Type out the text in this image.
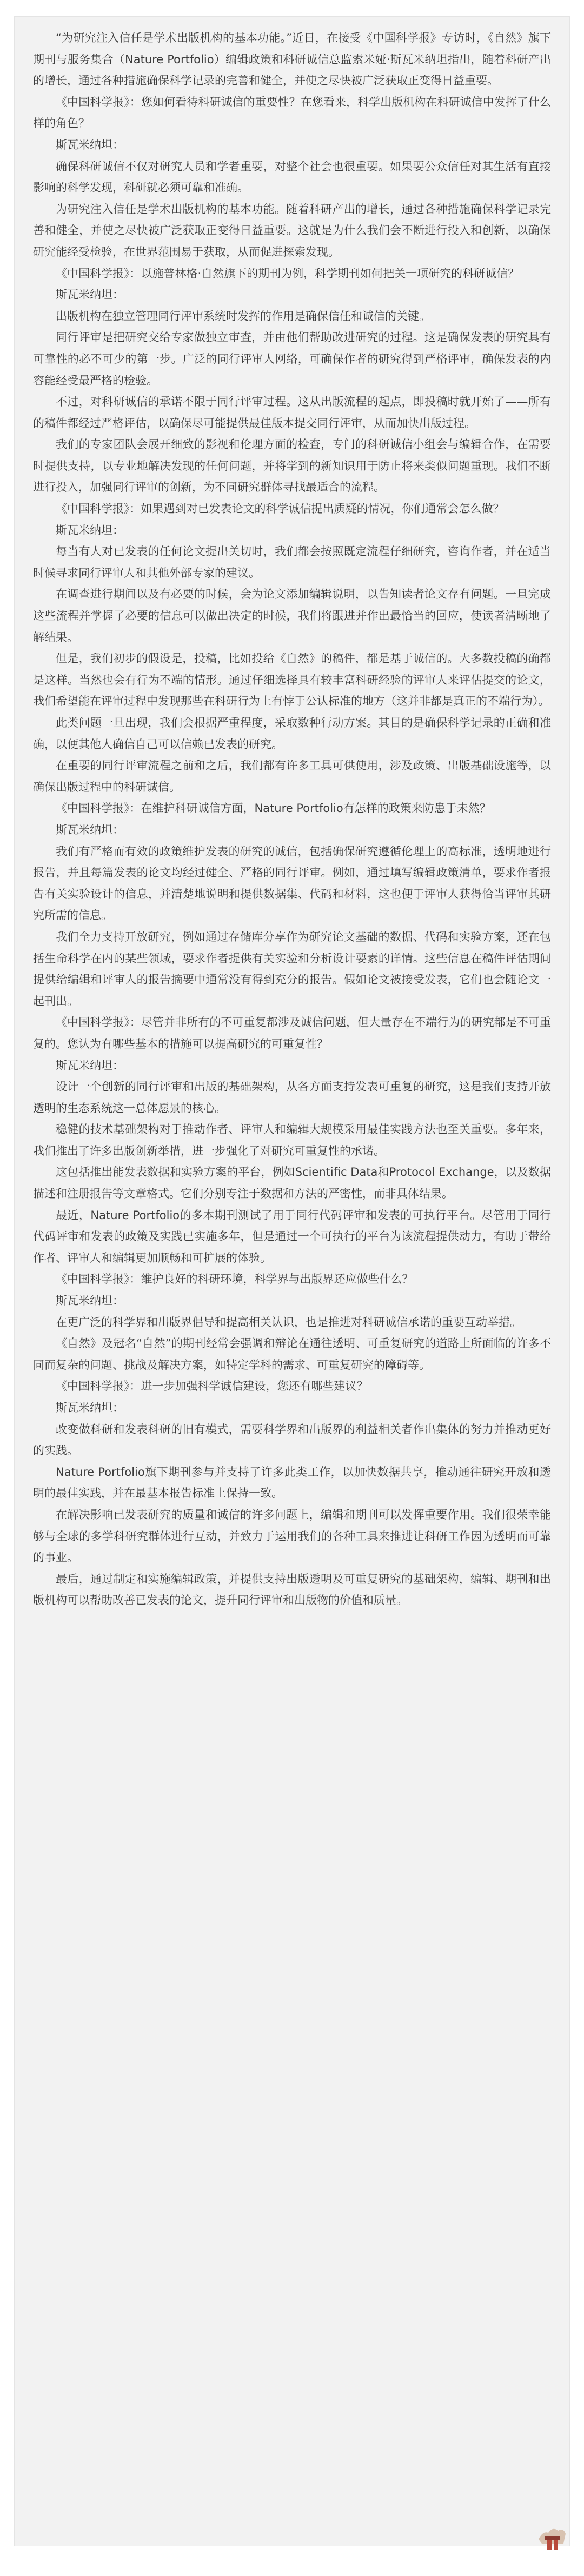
“为研究注入信任是学术出版机构的基本功能。”近日，在接受《中国科学报》专访时，《自然》旗下期刊与服务集合（Nature Portfolio）编辑政策和科研诚信总监索米娅·斯瓦米纳坦指出，随着科研产出的增长，通过各种措施确保科学记录的完善和健全，并使之尽快被广泛获取正变得日益重要。

《中国科学报》：您如何看待科研诚信的重要性？在您看来，科学出版机构在科研诚信中发挥了什么样的角色？

斯瓦米纳坦：

确保科研诚信不仅对研究人员和学者重要，对整个社会也很重要。如果要公众信任对其生活有直接影响的科学发现，科研就必须可靠和准确。

为研究注入信任是学术出版机构的基本功能。随着科研产出的增长，通过各种措施确保科学记录完善和健全，并使之尽快被广泛获取正变得日益重要。这就是为什么我们会不断进行投入和创新，以确保研究能经受检验，在世界范围易于获取，从而促进探索发现。

《中国科学报》：以施普林格·自然旗下的期刊为例，科学期刊如何把关一项研究的科研诚信？

斯瓦米纳坦：

出版机构在独立管理同行评审系统时发挥的作用是确保信任和诚信的关键。

同行评审是把研究交给专家做独立审查，并由他们帮助改进研究的过程。这是确保发表的研究具有可靠性的必不可少的第一步。广泛的同行评审人网络，可确保作者的研究得到严格评审，确保发表的内容能经受最严格的检验。

不过，对科研诚信的承诺不限于同行评审过程。这从出版流程的起点，即投稿时就开始了——所有的稿件都经过严格评估，以确保尽可能提供最佳版本提交同行评审，从而加快出版过程。

我们的专家团队会展开细致的影视和伦理方面的检查，专门的科研诚信小组会与编辑合作，在需要时提供支持，以专业地解决发现的任何问题，并将学到的新知识用于防止将来类似问题重现。我们不断进行投入，加强同行评审的创新，为不同研究群体寻找最适合的流程。

《中国科学报》：如果遇到对已发表论文的科学诚信提出质疑的情况，你们通常会怎么做？

斯瓦米纳坦：

每当有人对已发表的任何论文提出关切时，我们都会按照既定流程仔细研究，咨询作者，并在适当时候寻求同行评审人和其他外部专家的建议。

在调查进行期间以及有必要的时候，会为论文添加编辑说明，以告知读者论文存有问题。一旦完成这些流程并掌握了必要的信息可以做出决定的时候，我们将跟进并作出最恰当的回应，使读者清晰地了解结果。

但是，我们初步的假设是，投稿，比如投给《自然》的稿件，都是基于诚信的。大多数投稿的确都是这样。当然也会有行为不端的情形。通过仔细选择具有较丰富科研经验的评审人来评估提交的论文，我们希望能在评审过程中发现那些在科研行为上有悖于公认标准的地方（这并非都是真正的不端行为）。

此类问题一旦出现，我们会根据严重程度，采取数种行动方案。其目的是确保科学记录的正确和准确，以便其他人确信自己可以信赖已发表的研究。

在重要的同行评审流程之前和之后，我们都有许多工具可供使用，涉及政策、出版基础设施等，以确保出版过程中的科研诚信。

《中国科学报》：在维护科研诚信方面，Nature Portfolio有怎样的政策来防患于未然？

斯瓦米纳坦：

我们有严格而有效的政策维护发表的研究的诚信，包括确保研究遵循伦理上的高标准，透明地进行报告，并且每篇发表的论文均经过健全、严格的同行评审。例如，通过填写编辑政策清单，要求作者报告有关实验设计的信息，并清楚地说明和提供数据集、代码和材料，这也便于评审人获得恰当评审其研究所需的信息。

我们全力支持开放研究，例如通过存储库分享作为研究论文基础的数据、代码和实验方案，还在包括生命科学在内的某些领域，要求作者提供有关实验和分析设计要素的详情。这些信息在稿件评估期间提供给编辑和评审人的报告摘要中通常没有得到充分的报告。假如论文被接受发表，它们也会随论文一起刊出。

《中国科学报》：尽管并非所有的不可重复都涉及诚信问题，但大量存在不端行为的研究都是不可重复的。您认为有哪些基本的措施可以提高研究的可重复性？

斯瓦米纳坦：

设计一个创新的同行评审和出版的基础架构，从各方面支持发表可重复的研究，这是我们支持开放透明的生态系统这一总体愿景的核心。

稳健的技术基础架构对于推动作者、评审人和编辑大规模采用最佳实践方法也至关重要。多年来，我们推出了许多出版创新举措，进一步强化了对研究可重复性的承诺。

这包括推出能发表数据和实验方案的平台，例如Scientific Data和Protocol Exchange，以及数据描述和注册报告等文章格式。它们分别专注于数据和方法的严密性，而非具体结果。

最近，Nature Portfolio的多本期刊测试了用于同行代码评审和发表的可执行平台。尽管用于同行代码评审和发表的政策及实践已实施多年，但是通过一个可执行的平台为该流程提供动力，有助于带给作者、评审人和编辑更加顺畅和可扩展的体验。

《中国科学报》：维护良好的科研环境，科学界与出版界还应做些什么？

斯瓦米纳坦：

在更广泛的科学界和出版界倡导和提高相关认识，也是推进对科研诚信承诺的重要互动举措。

《自然》及冠名“自然”的期刊经常会强调和辩论在通往透明、可重复研究的道路上所面临的许多不同而复杂的问题、挑战及解决方案，如特定学科的需求、可重复研究的障碍等。

《中国科学报》：进一步加强科学诚信建设，您还有哪些建议？

斯瓦米纳坦：

改变做科研和发表科研的旧有模式，需要科学界和出版界的利益相关者作出集体的努力并推动更好的实践。

Nature Portfolio旗下期刊参与并支持了许多此类工作，以加快数据共享，推动通往研究开放和透明的最佳实践，并在最基本报告标准上保持一致。

在解决影响已发表研究的质量和诚信的许多问题上，编辑和期刊可以发挥重要作用。我们很荣幸能够与全球的多学科研究群体进行互动，并致力于运用我们的各种工具来推进让科研工作因为透明而可靠的事业。

最后，通过制定和实施编辑政策，并提供支持出版透明及可重复研究的基础架构，编辑、期刊和出版机构可以帮助改善已发表的论文，提升同行评审和出版物的价值和质量。
